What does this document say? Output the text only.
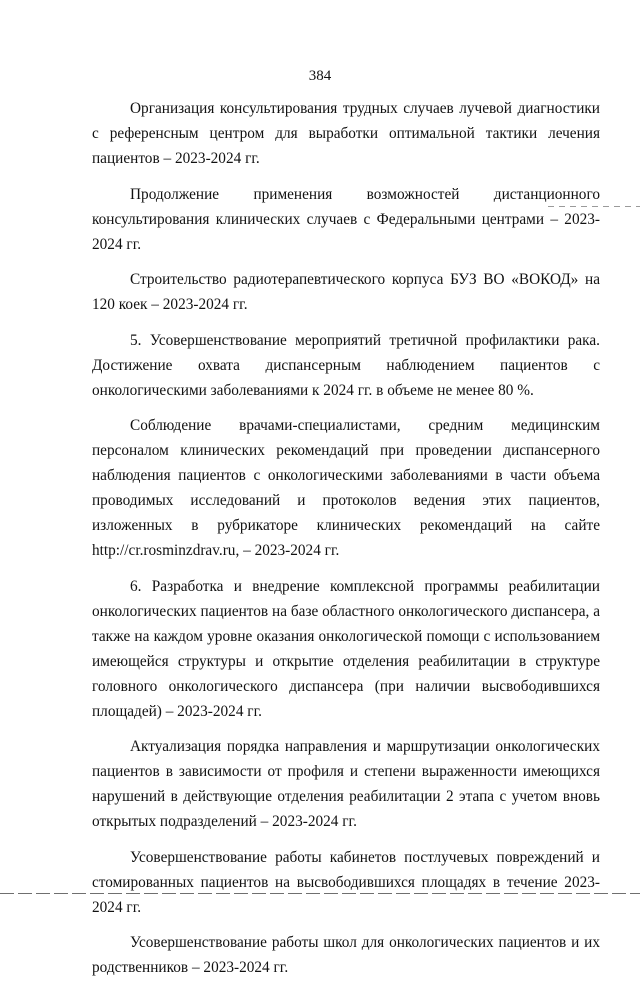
384

Организация консультирования трудных случаев лучевой диагностики с референсным центром для выработки оптимальной тактики лечения пациентов – 2023-2024 гг.

Продолжение применения возможностей дистанционного консультирования клинических случаев с Федеральными центрами – 2023-2024 гг.

Строительство радиотерапевтического корпуса БУЗ ВО «ВОКОД» на 120 коек – 2023-2024 гг.

5. Усовершенствование мероприятий третичной профилактики рака. Достижение охвата диспансерным наблюдением пациентов с онкологическими заболеваниями к 2024 гг. в объеме не менее 80 %.

Соблюдение врачами-специалистами, средним медицинским персоналом клинических рекомендаций при проведении диспансерного наблюдения пациентов с онкологическими заболеваниями в части объема проводимых исследований и протоколов ведения этих пациентов, изложенных в рубрикаторе клинических рекомендаций на сайте http://cr.rosminzdrav.ru, – 2023-2024 гг.

6. Разработка и внедрение комплексной программы реабилитации онкологических пациентов на базе областного онкологического диспансера, а также на каждом уровне оказания онкологической помощи с использованием имеющейся структуры и открытие отделения реабилитации в структуре головного онкологического диспансера (при наличии высвободившихся площадей) – 2023-2024 гг.

Актуализация порядка направления и маршрутизации онкологических пациентов в зависимости от профиля и степени выраженности имеющихся нарушений в действующие отделения реабилитации 2 этапа с учетом вновь открытых подразделений – 2023-2024 гг.

Усовершенствование работы кабинетов постлучевых повреждений и стомированных пациентов на высвободившихся площадях в течение 2023-2024 гг.

Усовершенствование работы школ для онкологических пациентов и их родственников – 2023-2024 гг.
